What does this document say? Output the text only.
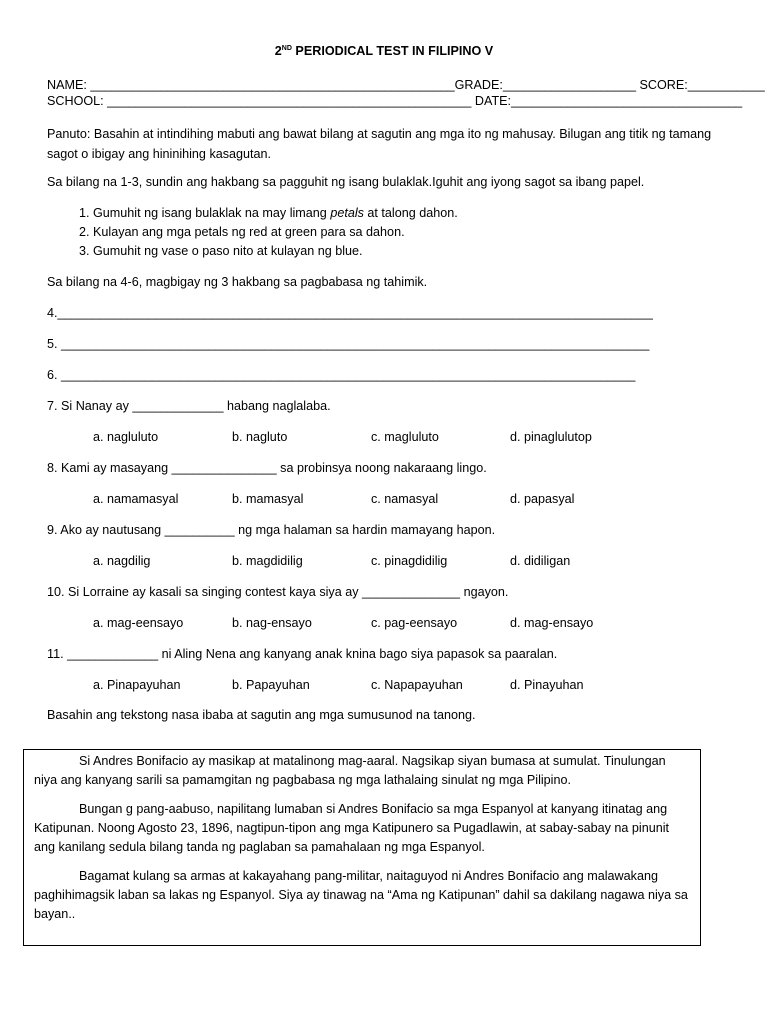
2ND PERIODICAL TEST IN FILIPINO V
NAME: ____________________________________________________GRADE:___________________ SCORE:___________
SCHOOL: ____________________________________________________ DATE:_________________________________
Panuto: Basahin at intindihing mabuti ang bawat bilang at sagutin ang mga ito ng mahusay. Bilugan ang titik ng tamang sagot o ibigay ang hininihing kasagutan.
Sa bilang na 1-3, sundin ang hakbang sa pagguhit ng isang bulaklak.Iguhit ang iyong sagot sa ibang papel.
1. Gumuhit ng isang bulaklak na may limang petals at talong dahon.
2. Kulayan ang mga petals ng red at green para sa dahon.
3. Gumuhit ng vase o paso nito at kulayan ng blue.
Sa bilang na 4-6, magbigay ng 3 hakbang sa pagbabasa ng tahimik.
4._____________________________________________________________________________________
5. ____________________________________________________________________________________
6. __________________________________________________________________________________
7. Si Nanay ay _____________ habang naglalaba.
a. nagluluto	b. nagluto	c. magluluto	d. pinaglulutop
8. Kami ay masayang _______________ sa probinsya noong nakaraang lingo.
a. namamasyal	b. mamasyal	c. namasyal	d. papasyal
9. Ako ay nautusang __________ ng mga halaman sa hardin mamayang hapon.
a. nagdilig	b. magdidilig	c. pinagdidilig	d. didiligan
10. Si Lorraine ay kasali sa singing contest kaya siya ay ______________ ngayon.
a. mag-eensayo	b. nag-ensayo	c. pag-eensayo	d. mag-ensayo
11. _____________ ni Aling Nena ang kanyang anak knina bago siya papasok sa paaralan.
a. Pinapayuhan	b. Papayuhan	c. Napapayuhan	d. Pinayuhan
Basahin ang tekstong nasa ibaba at sagutin ang mga sumusunod na tanong.

Si Andres Bonifacio ay masikap at matalinong mag-aaral. Nagsikap siyan bumasa at sumulat. Tinulungan niya ang kanyang sarili sa pamamgitan ng pagbabasa ng mga lathalaing sinulat ng mga Pilipino.

Bungan g pang-aabuso, napilitang lumaban si Andres Bonifacio sa mga Espanyol at kanyang itinatag ang Katipunan. Noong Agosto 23, 1896, nagtipun-tipon ang mga Katipunero sa Pugadlawin, at sabay-sabay na pinunit ang kanilang sedula bilang tanda ng paglaban sa pamahalaan ng mga Espanyol.

Bagamat kulang sa armas at kakayahang pang-militar, naitaguyod ni Andres Bonifacio ang malawakang paghihimagsik laban sa lakas ng Espanyol. Siya ay tinawag na “Ama ng Katipunan” dahil sa dakilang nagawa niya sa bayan..
